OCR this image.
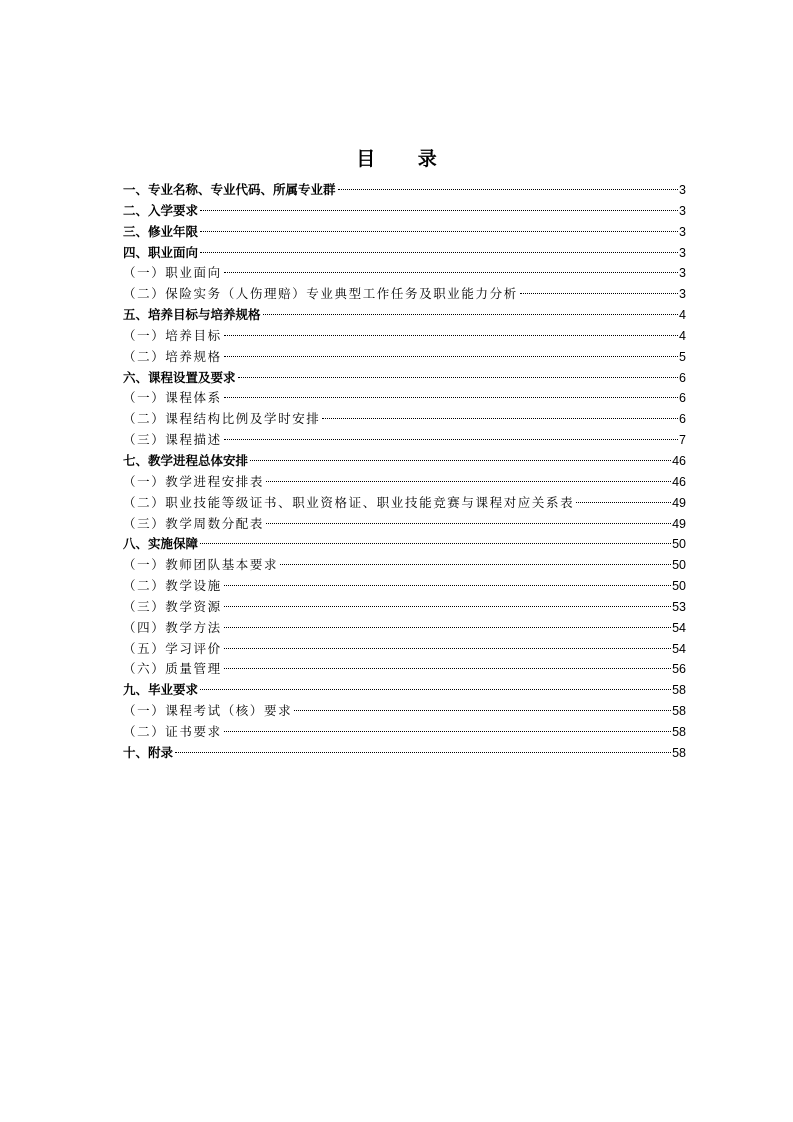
目 录
一、专业名称、专业代码、所属专业群	3
二、入学要求	3
三、修业年限	3
四、职业面向	3
（一）职业面向	3
（二）保险实务（人伤理赔）专业典型工作任务及职业能力分析	3
五、培养目标与培养规格	4
（一）培养目标	4
（二）培养规格	5
六、课程设置及要求	6
（一）课程体系	6
（二）课程结构比例及学时安排	6
（三）课程描述	7
七、教学进程总体安排	46
（一）教学进程安排表	46
（二）职业技能等级证书、职业资格证、职业技能竞赛与课程对应关系表	49
（三）教学周数分配表	49
八、实施保障	50
（一）教师团队基本要求	50
（二）教学设施	50
（三）教学资源	53
（四）教学方法	54
（五）学习评价	54
（六）质量管理	56
九、毕业要求	58
（一）课程考试（核）要求	58
（二）证书要求	58
十、附录	58
